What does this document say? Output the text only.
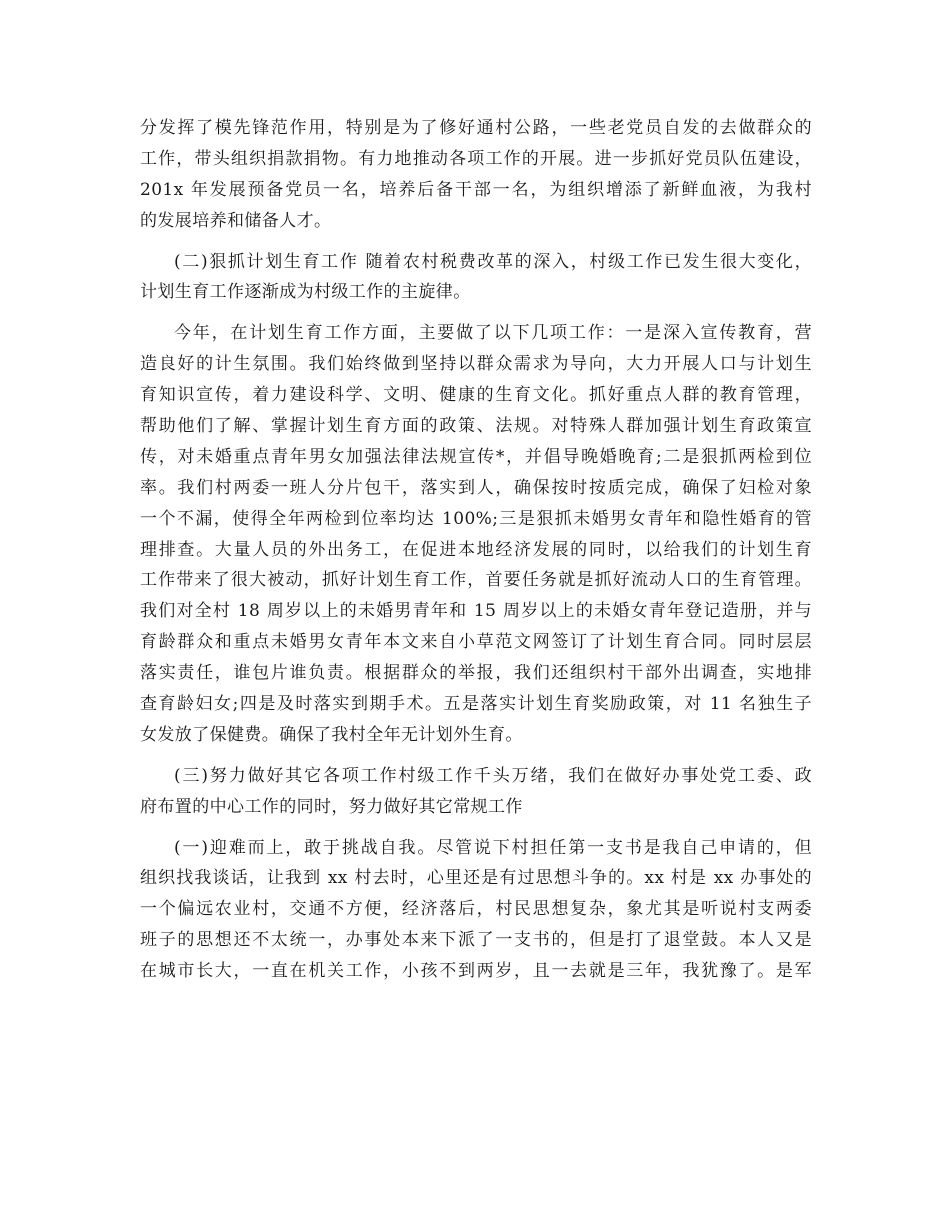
分发挥了模先锋范作用，特别是为了修好通村公路，一些老党员自发的去做群众的
工作，带头组织捐款捐物。有力地推动各项工作的开展。进一步抓好党员队伍建设，
201x 年发展预备党员一名，培养后备干部一名，为组织增添了新鲜血液，为我村
的发展培养和储备人才。
(二)狠抓计划生育工作 随着农村税费改革的深入，村级工作已发生很大变化，
计划生育工作逐渐成为村级工作的主旋律。
今年，在计划生育工作方面，主要做了以下几项工作：一是深入宣传教育，营
造良好的计生氛围。我们始终做到坚持以群众需求为导向，大力开展人口与计划生
育知识宣传，着力建设科学、文明、健康的生育文化。抓好重点人群的教育管理，
帮助他们了解、掌握计划生育方面的政策、法规。对特殊人群加强计划生育政策宣
传，对未婚重点青年男女加强法律法规宣传*，并倡导晚婚晚育;二是狠抓两检到位
率。我们村两委一班人分片包干，落实到人，确保按时按质完成，确保了妇检对象
一个不漏，使得全年两检到位率均达 100%;三是狠抓未婚男女青年和隐性婚育的管
理排查。大量人员的外出务工，在促进本地经济发展的同时，以给我们的计划生育
工作带来了很大被动，抓好计划生育工作，首要任务就是抓好流动人口的生育管理。
我们对全村 18 周岁以上的未婚男青年和 15 周岁以上的未婚女青年登记造册，并与
育龄群众和重点未婚男女青年本文来自小草范文网签订了计划生育合同。同时层层
落实责任，谁包片谁负责。根据群众的举报，我们还组织村干部外出调查，实地排
查育龄妇女;四是及时落实到期手术。五是落实计划生育奖励政策，对 11 名独生子
女发放了保健费。确保了我村全年无计划外生育。
(三)努力做好其它各项工作村级工作千头万绪，我们在做好办事处党工委、政
府布置的中心工作的同时，努力做好其它常规工作
(一)迎难而上，敢于挑战自我。尽管说下村担任第一支书是我自己申请的，但
组织找我谈话，让我到 xx 村去时，心里还是有过思想斗争的。xx 村是 xx 办事处的
一个偏远农业村，交通不方便，经济落后，村民思想复杂，象尤其是听说村支两委
班子的思想还不太统一，办事处本来下派了一支书的，但是打了退堂鼓。本人又是
在城市长大，一直在机关工作，小孩不到两岁，且一去就是三年，我犹豫了。是军
